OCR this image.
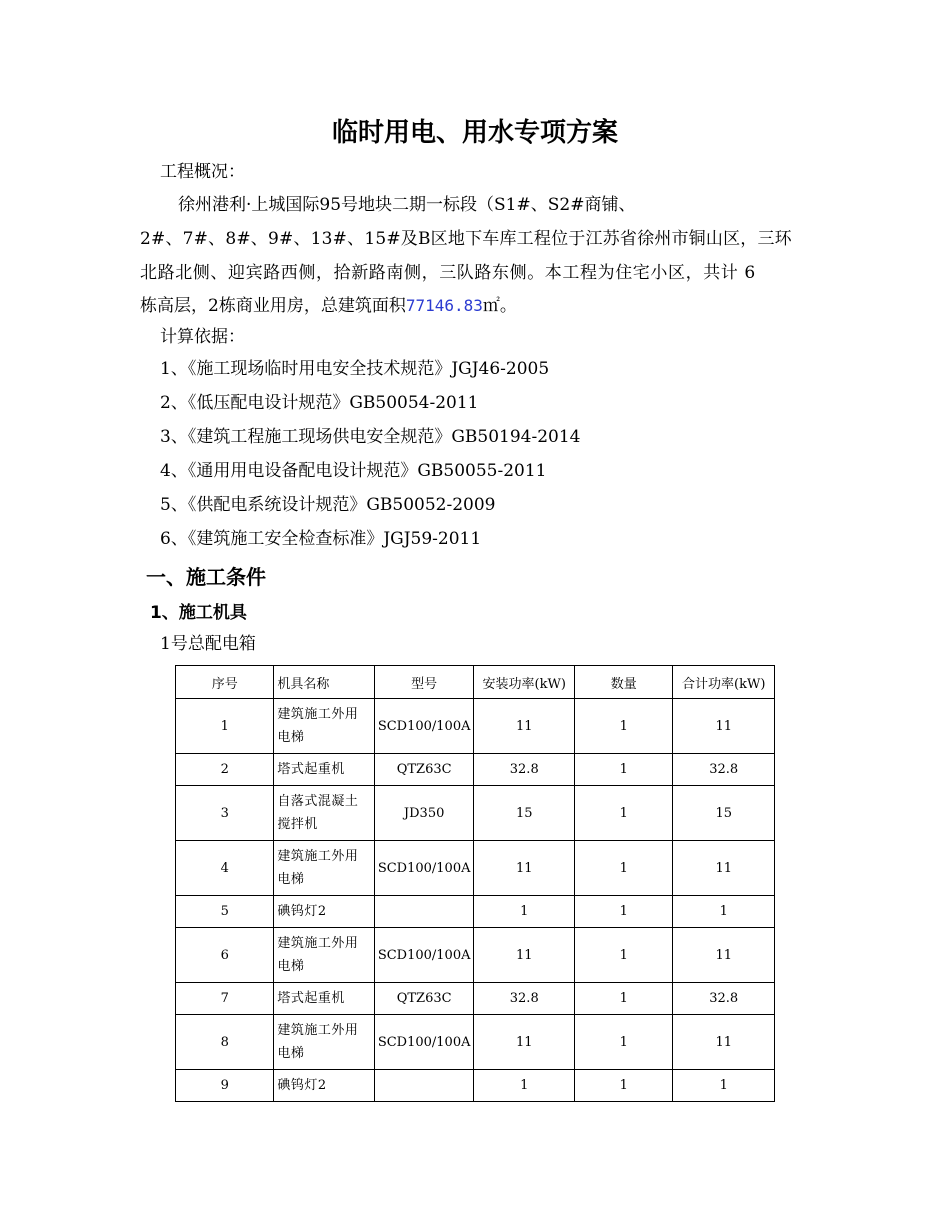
临时用电、用水专项方案
工程概况：
徐州港利·上城国际95号地块二期一标段（S1#、S2#商铺、
2#、7#、8#、9#、13#、15#及B区地下车库工程位于江苏省徐州市铜山区，三环
北路北侧、迎宾路西侧，拾新路南侧，三队路东侧。本工程为住宅小区，共计 6
栋高层，2栋商业用房，总建筑面积77146.83㎡。
计算依据：
1、《施工现场临时用电安全技术规范》JGJ46-2005
2、《低压配电设计规范》GB50054-2011
3、《建筑工程施工现场供电安全规范》GB50194-2014
4、《通用用电设备配电设计规范》GB50055-2011
5、《供配电系统设计规范》GB50052-2009
6、《建筑施工安全检查标准》JGJ59-2011
一、施工条件
1、施工机具
1号总配电箱
序号	机具名称	型号	安装功率(kW)	数量	合计功率(kW)
1	建筑施工外用电梯	SCD100/100A	11	1	11
2	塔式起重机	QTZ63C	32.8	1	32.8
3	自落式混凝土搅拌机	JD350	15	1	15
4	建筑施工外用电梯	SCD100/100A	11	1	11
5	碘钨灯2		1	1	1
6	建筑施工外用电梯	SCD100/100A	11	1	11
7	塔式起重机	QTZ63C	32.8	1	32.8
8	建筑施工外用电梯	SCD100/100A	11	1	11
9	碘钨灯2		1	1	1
